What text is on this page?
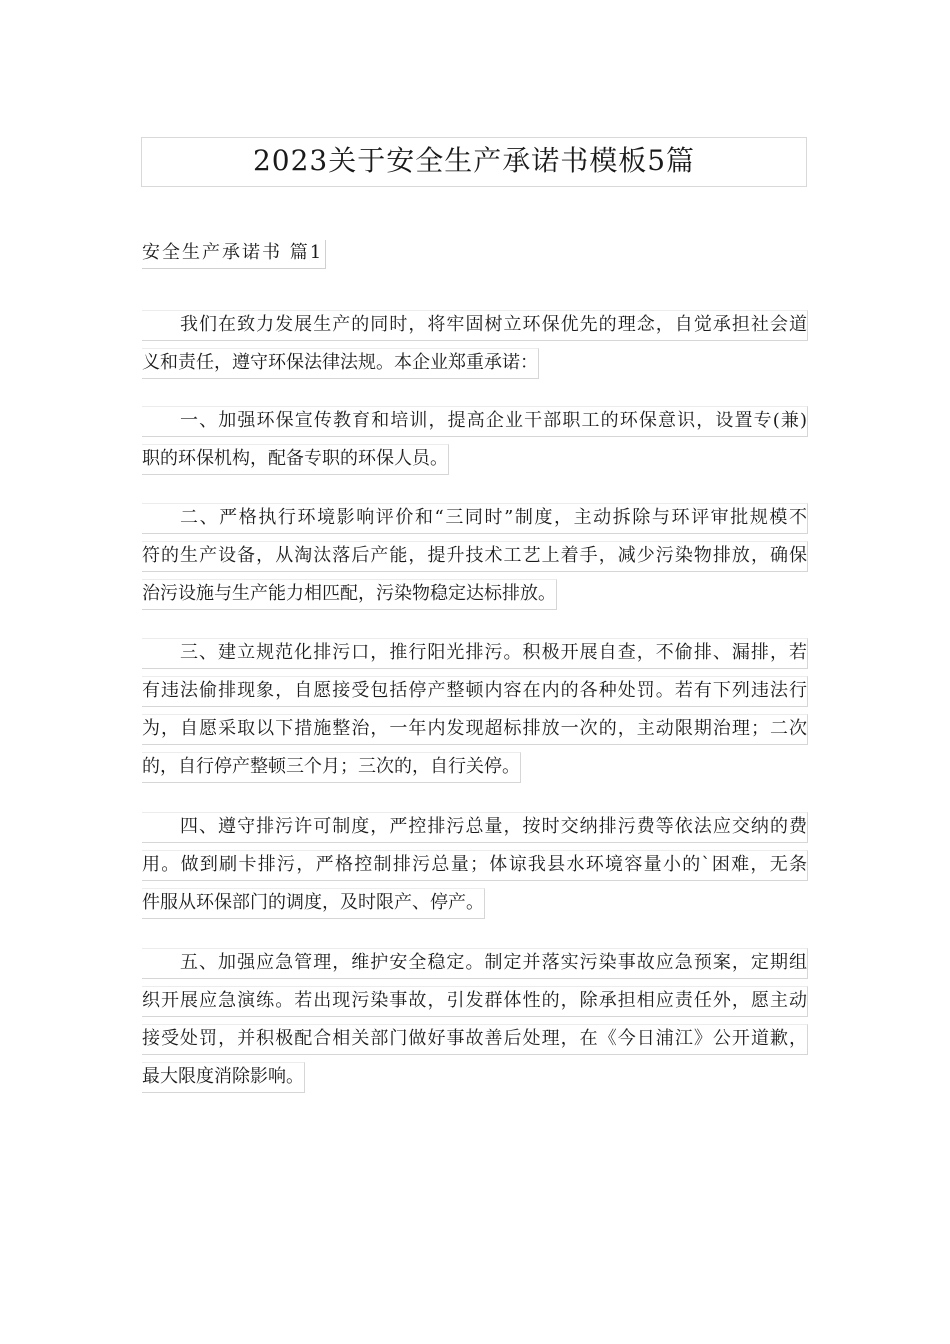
2023关于安全生产承诺书模板5篇
安全生产承诺书 篇1
我们在致力发展生产的同时，将牢固树立环保优先的理念，自觉承担社会道
义和责任，遵守环保法律法规。本企业郑重承诺：
一、加强环保宣传教育和培训，提高企业干部职工的环保意识，设置专(兼)
职的环保机构，配备专职的环保人员。
二、严格执行环境影响评价和“三同时”制度，主动拆除与环评审批规模不
符的生产设备，从淘汰落后产能，提升技术工艺上着手，减少污染物排放，确保
治污设施与生产能力相匹配，污染物稳定达标排放。
三、建立规范化排污口，推行阳光排污。积极开展自查，不偷排、漏排，若
有违法偷排现象，自愿接受包括停产整顿内容在内的各种处罚。若有下列违法行
为，自愿采取以下措施整治，一年内发现超标排放一次的，主动限期治理；二次
的，自行停产整顿三个月；三次的，自行关停。
四、遵守排污许可制度，严控排污总量，按时交纳排污费等依法应交纳的费
用。做到刷卡排污，严格控制排污总量；体谅我县水环境容量小的`困难，无条
件服从环保部门的调度，及时限产、停产。
五、加强应急管理，维护安全稳定。制定并落实污染事故应急预案，定期组
织开展应急演练。若出现污染事故，引发群体性的，除承担相应责任外，愿主动
接受处罚，并积极配合相关部门做好事故善后处理，在《今日浦江》公开道歉，
最大限度消除影响。
